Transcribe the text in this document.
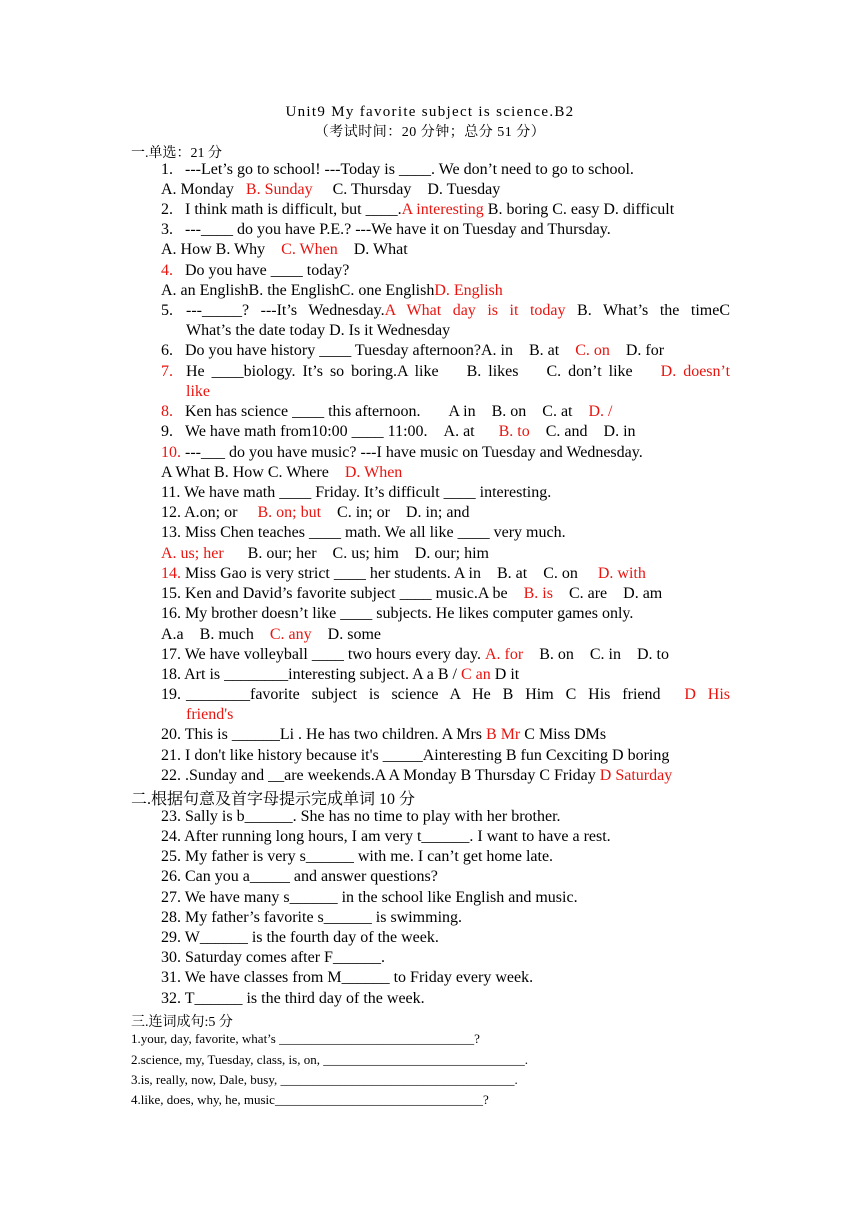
Unit9 My favorite subject is science.B2
（考试时间：20 分钟；总分 51 分）
一.单选：21 分
1. ---Let’s go to school! ---Today is ____. We don’t need to go to school.
A. Monday B. Sunday C. Thursday D. Tuesday
2. I think math is difficult, but ____.A interesting B. boring C. easy D. difficult
3. ---____ do you have P.E.? ---We have it on Tuesday and Thursday.
A. How B. Why C. When D. What
4. Do you have ____ today?
A. an EnglishB. the EnglishC. one EnglishD. English
5. ---_____? ---It’s Wednesday.A What day is it today B. What’s the timeC
What’s the date today D. Is it Wednesday
6. Do you have history ____ Tuesday afternoon?A. in B. at C. on D. for
7. He ____biology. It’s so boring.A like B. likes C. don’t like D. doesn’t
like
8. Ken has science ____ this afternoon. A in B. on C. at D. /
9. We have math from10:00 ____ 11:00. A. at B. to C. and D. in
10. ---___ do you have music? ---I have music on Tuesday and Wednesday.
A What B. How C. Where D. When
11. We have math ____ Friday. It’s difficult ____ interesting.
12. A.on; or B. on; but C. in; or D. in; and
13. Miss Chen teaches ____ math. We all like ____ very much.
A. us; her B. our; her C. us; him D. our; him
14. Miss Gao is very strict ____ her students. A in B. at C. on D. with
15. Ken and David’s favorite subject ____ music.A be B. is C. are D. am
16. My brother doesn’t like ____ subjects. He likes computer games only.
A.a B. much C. any D. some
17. We have volleyball ____ two hours every day. A. for B. on C. in D. to
18. Art is ________interesting subject. A a B / C an D it
19. ________favorite subject is science A He B Him C His friend D His
friend's
20. This is ______Li . He has two children. A Mrs B Mr C Miss DMs
21. I don't like history because it's _____Ainteresting B fun Cexciting D boring
22. .Sunday and __are weekends.A A Monday B Thursday C Friday D Saturday
二.根据句意及首字母提示完成单词 10 分
23. Sally is b______. She has no time to play with her brother.
24. After running long hours, I am very t______. I want to have a rest.
25. My father is very s______ with me. I can’t get home late.
26. Can you a_____ and answer questions?
27. We have many s______ in the school like English and music.
28. My father’s favorite s______ is swimming.
29. W______ is the fourth day of the week.
30. Saturday comes after F______.
31. We have classes from M______ to Friday every week.
32. T______ is the third day of the week.
三.连词成句:5 分
1.your, day, favorite, what’s ______________________________?
2.science, my, Tuesday, class, is, on, _______________________________.
3.is, really, now, Dale, busy, ____________________________________.
4.like, does, why, he, music________________________________?
